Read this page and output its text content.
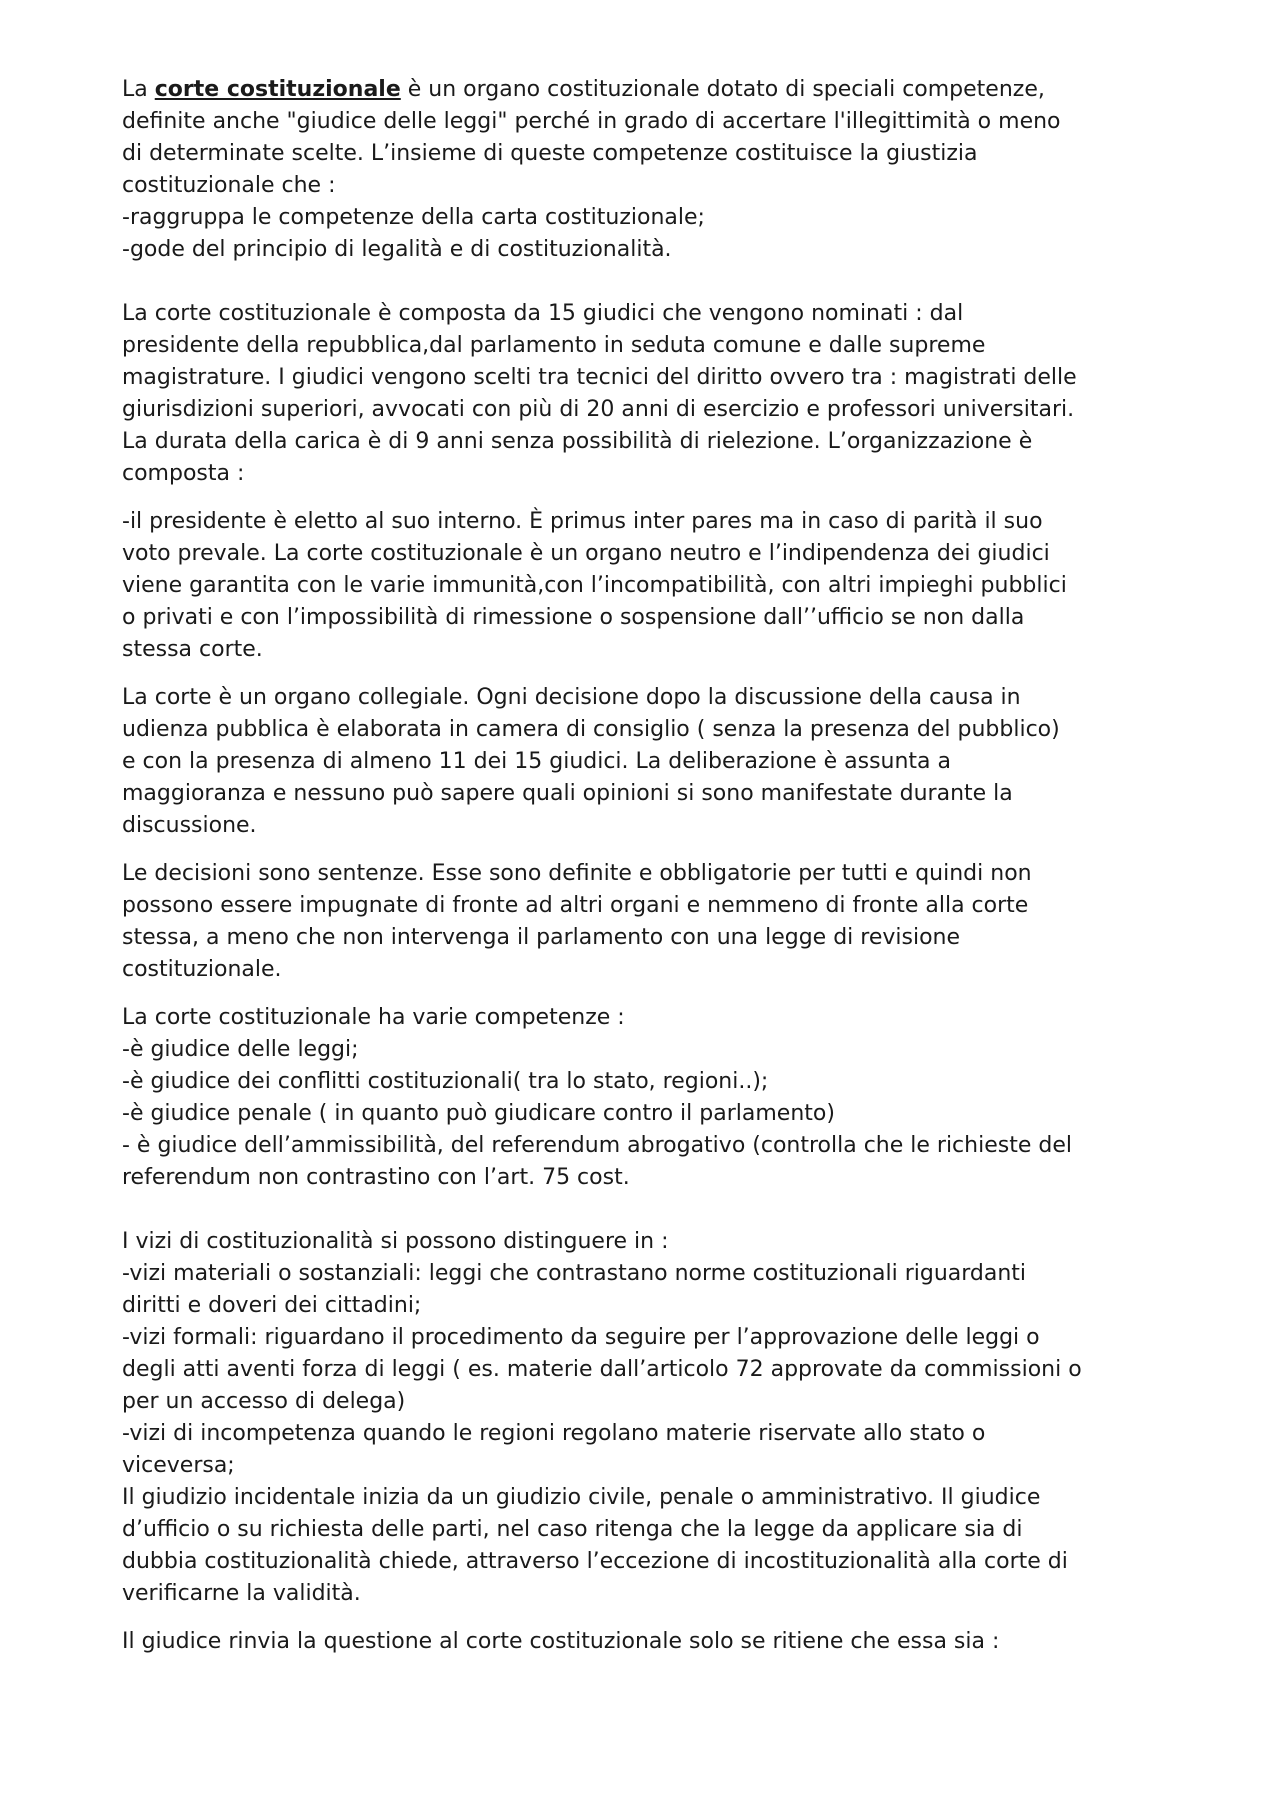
La corte costituzionale è un organo costituzionale dotato di speciali competenze,
definite anche "giudice delle leggi" perché in grado di accertare l'illegittimità o meno
di determinate scelte. L’insieme di queste competenze costituisce la giustizia
costituzionale che :
-raggruppa le competenze della carta costituzionale;
-gode del principio di legalità e di costituzionalità.
La corte costituzionale è composta da 15 giudici che vengono nominati : dal
presidente della repubblica,dal parlamento in seduta comune e dalle supreme
magistrature. I giudici vengono scelti tra tecnici del diritto ovvero tra : magistrati delle
giurisdizioni superiori, avvocati con più di 20 anni di esercizio e professori universitari.
La durata della carica è di 9 anni senza possibilità di rielezione. L’organizzazione è
composta :
-il presidente è eletto al suo interno. È primus inter pares ma in caso di parità il suo
voto prevale. La corte costituzionale è un organo neutro e l’indipendenza dei giudici
viene garantita con le varie immunità,con l’incompatibilità, con altri impieghi pubblici
o privati e con l’impossibilità di rimessione o sospensione dall’’ufficio se non dalla
stessa corte.
La corte è un organo collegiale. Ogni decisione dopo la discussione della causa in
udienza pubblica è elaborata in camera di consiglio ( senza la presenza del pubblico)
e con la presenza di almeno 11 dei 15 giudici. La deliberazione è assunta a
maggioranza e nessuno può sapere quali opinioni si sono manifestate durante la
discussione.
Le decisioni sono sentenze. Esse sono definite e obbligatorie per tutti e quindi non
possono essere impugnate di fronte ad altri organi e nemmeno di fronte alla corte
stessa, a meno che non intervenga il parlamento con una legge di revisione
costituzionale.
La corte costituzionale ha varie competenze :
-è giudice delle leggi;
-è giudice dei conflitti costituzionali( tra lo stato, regioni..);
-è giudice penale ( in quanto può giudicare contro il parlamento)
- è giudice dell’ammissibilità, del referendum abrogativo (controlla che le richieste del
referendum non contrastino con l’art. 75 cost.
I vizi di costituzionalità si possono distinguere in :
-vizi materiali o sostanziali: leggi che contrastano norme costituzionali riguardanti
diritti e doveri dei cittadini;
-vizi formali: riguardano il procedimento da seguire per l’approvazione delle leggi o
degli atti aventi forza di leggi ( es. materie dall’articolo 72 approvate da commissioni o
per un accesso di delega)
-vizi di incompetenza quando le regioni regolano materie riservate allo stato o
viceversa;
Il giudizio incidentale inizia da un giudizio civile, penale o amministrativo. Il giudice
d’ufficio o su richiesta delle parti, nel caso ritenga che la legge da applicare sia di
dubbia costituzionalità chiede, attraverso l’eccezione di incostituzionalità alla corte di
verificarne la validità.
Il giudice rinvia la questione al corte costituzionale solo se ritiene che essa sia :
